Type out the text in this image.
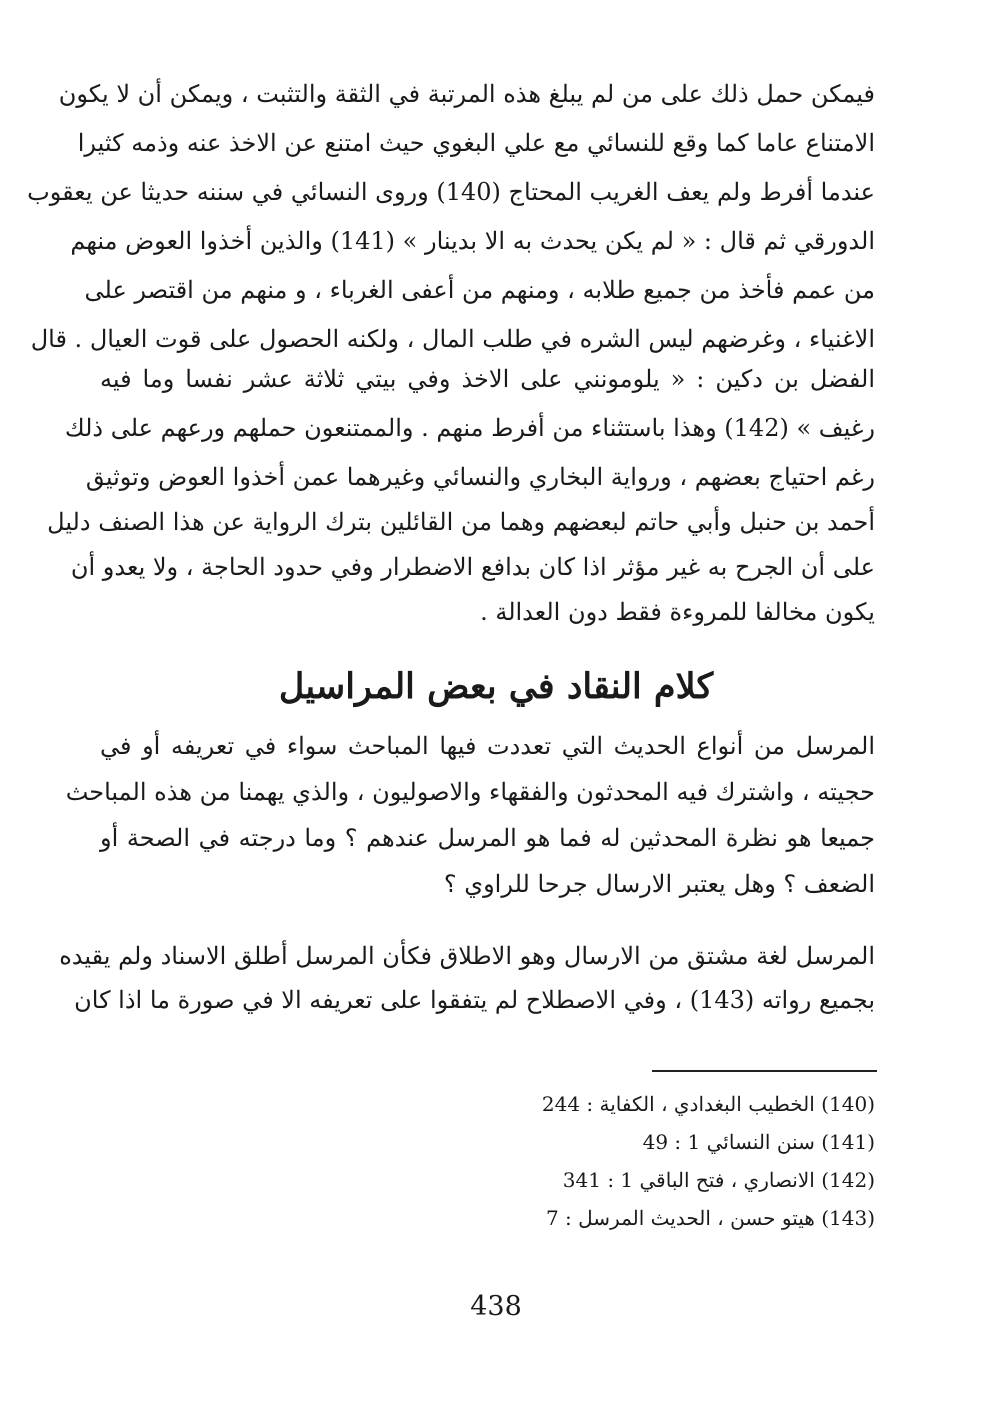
فيمكن حمل ذلك على من لم يبلغ هذه المرتبة في الثقة والتثبت ، ويمكن أن لا يكون
الامتناع عاما كما وقع للنسائي مع علي البغوي حيث امتنع عن الاخذ عنه وذمه كثيرا
عندما أفرط ولم يعف الغريب المحتاج (140) وروى النسائي في سننه حديثا عن يعقوب
الدورقي ثم قال : « لم يكن يحدث به الا بدينار » (141) والذين أخذوا العوض منهم
من عمم فأخذ من جميع طلابه ، ومنهم من أعفى الغرباء ، و منهم من اقتصر على
الاغنياء ، وغرضهم ليس الشره في طلب المال ، ولكنه الحصول على قوت العيال . قال
الفضل بن دكين : « يلومونني على الاخذ وفي بيتي ثلاثة عشر نفسا وما فيه
رغيف » (142) وهذا باستثناء من أفرط منهم . والممتنعون حملهم ورعهم على ذلك
رغم احتياج بعضهم ، ورواية البخاري والنسائي وغيرهما عمن أخذوا العوض وتوثيق
أحمد بن حنبل وأبي حاتم لبعضهم وهما من القائلين بترك الرواية عن هذا الصنف دليل
على أن الجرح به غير مؤثر اذا كان بدافع الاضطرار وفي حدود الحاجة ، ولا يعدو أن
يكون مخالفا للمروءة فقط دون العدالة .
كلام النقاد في بعض المراسيل
المرسل من أنواع الحديث التي تعددت فيها المباحث سواء في تعريفه أو في
حجيته ، واشترك فيه المحدثون والفقهاء والاصوليون ، والذي يهمنا من هذه المباحث
جميعا هو نظرة المحدثين له فما هو المرسل عندهم ؟ وما درجته في الصحة أو
الضعف ؟ وهل يعتبر الارسال جرحا للراوي ؟
المرسل لغة مشتق من الارسال وهو الاطلاق فكأن المرسل أطلق الاسناد ولم يقيده
بجميع رواته (143) ، وفي الاصطلاح لم يتفقوا على تعريفه الا في صورة ما اذا كان
(140) الخطيب البغدادي ، الكفاية : 244
(141) سنن النسائي 1 : 49
(142) الانصاري ، فتح الباقي 1 : 341
(143) هيتو حسن ، الحديث المرسل : 7
438
